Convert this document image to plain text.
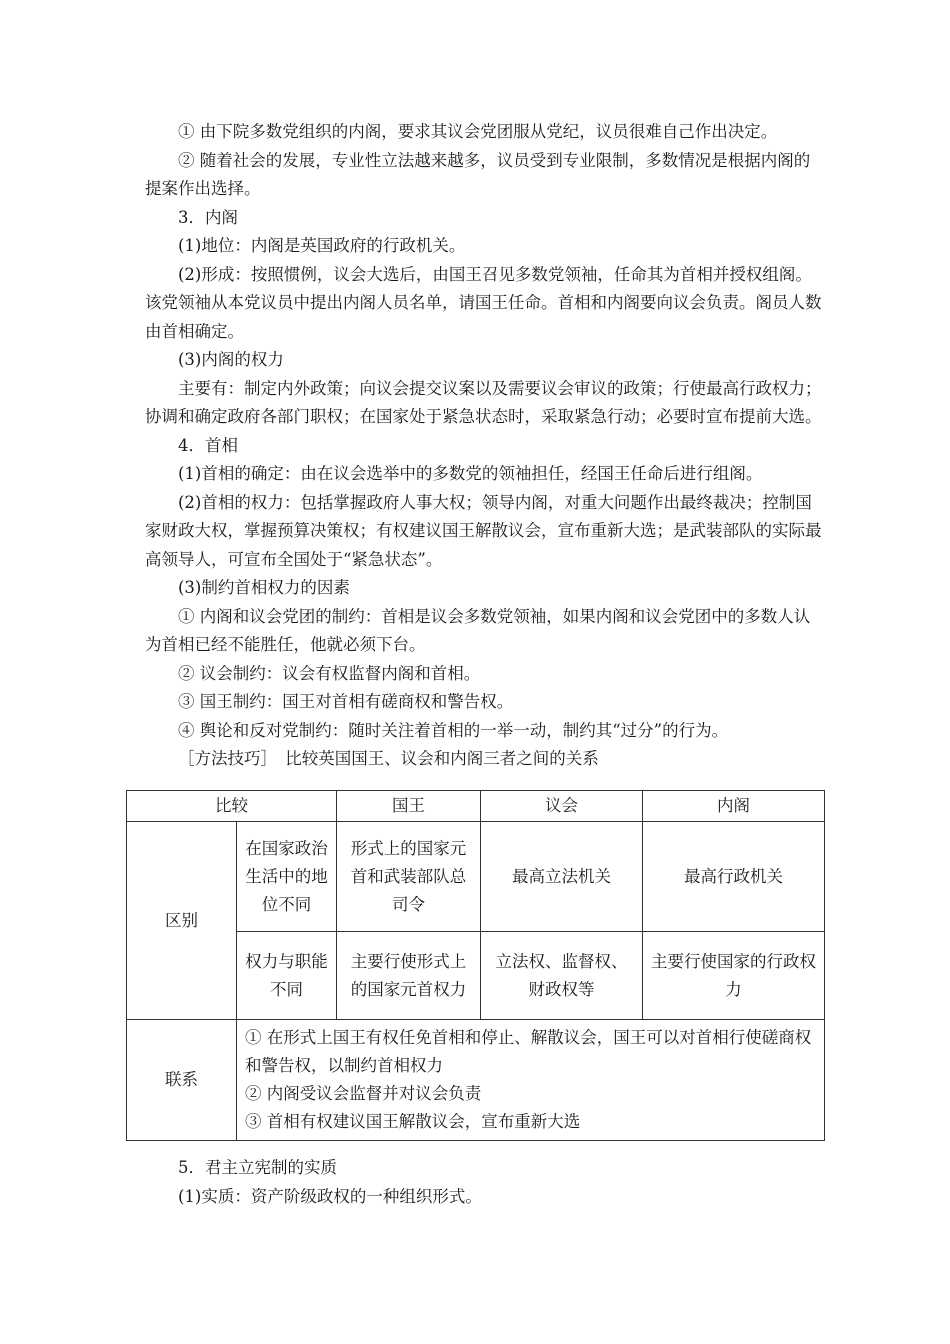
① 由下院多数党组织的内阁，要求其议会党团服从党纪，议员很难自己作出决定。

② 随着社会的发展，专业性立法越来越多，议员受到专业限制，多数情况是根据内阁的提案作出选择。

3．内阁

(1)地位：内阁是英国政府的行政机关。

(2)形成：按照惯例，议会大选后，由国王召见多数党领袖，任命其为首相并授权组阁。该党领袖从本党议员中提出内阁人员名单，请国王任命。首相和内阁要向议会负责。阁员人数由首相确定。

(3)内阁的权力

主要有：制定内外政策；向议会提交议案以及需要议会审议的政策；行使最高行政权力；协调和确定政府各部门职权；在国家处于紧急状态时，采取紧急行动；必要时宣布提前大选。

4．首相

(1)首相的确定：由在议会选举中的多数党的领袖担任，经国王任命后进行组阁。

(2)首相的权力：包括掌握政府人事大权；领导内阁，对重大问题作出最终裁决；控制国家财政大权，掌握预算决策权；有权建议国王解散议会，宣布重新大选；是武装部队的实际最高领导人，可宣布全国处于“紧急状态”。

(3)制约首相权力的因素

① 内阁和议会党团的制约：首相是议会多数党领袖，如果内阁和议会党团中的多数人认为首相已经不能胜任，他就必须下台。

② 议会制约：议会有权监督内阁和首相。

③ 国王制约：国王对首相有磋商权和警告权。

④ 舆论和反对党制约：随时关注着首相的一举一动，制约其“过分”的行为。

［方法技巧］　比较英国国王、议会和内阁三者之间的关系

比较		国王	议会	内阁
区别	在国家政治生活中的地位不同	形式上的国家元首和武装部队总司令	最高立法机关	最高行政机关
	权力与职能不同	主要行使形式上的国家元首权力	立法权、监督权、财政权等	主要行使国家的行政权力
联系	① 在形式上国王有权任免首相和停止、解散议会，国王可以对首相行使磋商权和警告权，以制约首相权力
② 内阁受议会监督并对议会负责
③ 首相有权建议国王解散议会，宣布重新大选			

5．君主立宪制的实质

(1)实质：资产阶级政权的一种组织形式。
